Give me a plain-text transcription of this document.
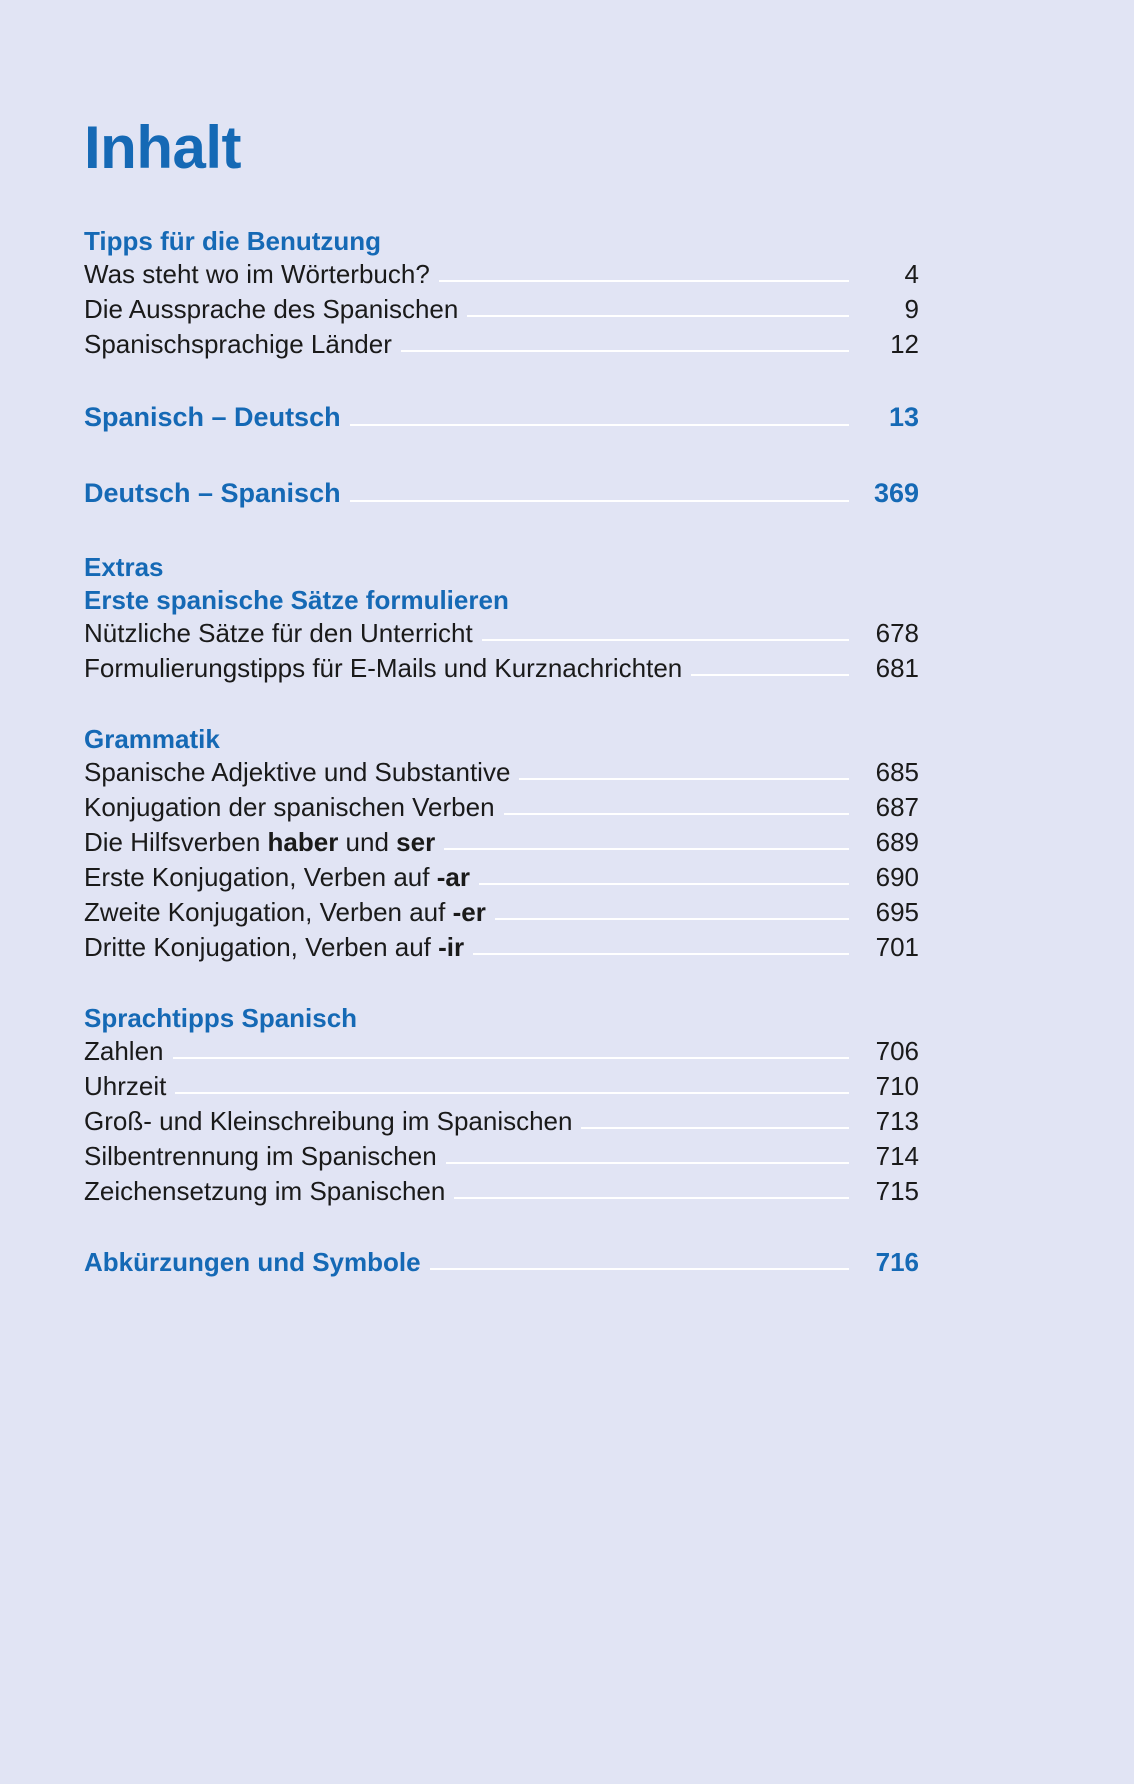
Inhalt
Tipps für die Benutzung
Was steht wo im Wörterbuch?	4
Die Aussprache des Spanischen	9
Spanischsprachige Länder	12
Spanisch – Deutsch	13
Deutsch – Spanisch	369
Extras
Erste spanische Sätze formulieren
Nützliche Sätze für den Unterricht	678
Formulierungstipps für E-Mails und Kurznachrichten	681
Grammatik
Spanische Adjektive und Substantive	685
Konjugation der spanischen Verben	687
Die Hilfsverben haber und ser	689
Erste Konjugation, Verben auf -ar	690
Zweite Konjugation, Verben auf -er	695
Dritte Konjugation, Verben auf -ir	701
Sprachtipps Spanisch
Zahlen	706
Uhrzeit	710
Groß- und Kleinschreibung im Spanischen	713
Silbentrennung im Spanischen	714
Zeichensetzung im Spanischen	715
Abkürzungen und Symbole	716
